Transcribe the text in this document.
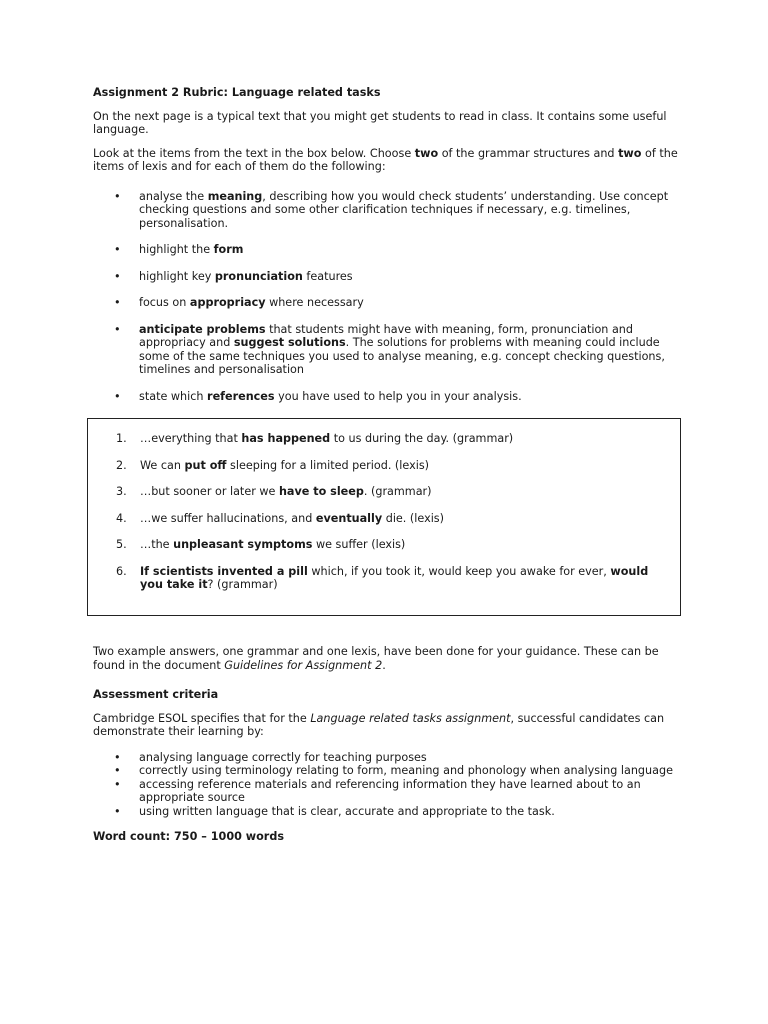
Assignment 2 Rubric: Language related tasks

On the next page is a typical text that you might get students to read in class. It contains some useful language.

Look at the items from the text in the box below. Choose two of the grammar structures and two of the items of lexis and for each of them do the following:

• analyse the meaning, describing how you would check students’ understanding. Use concept checking questions and some other clarification techniques if necessary, e.g. timelines, personalisation.
• highlight the form
• highlight key pronunciation features
• focus on appropriacy where necessary
• anticipate problems that students might have with meaning, form, pronunciation and appropriacy and suggest solutions. The solutions for problems with meaning could include some of the same techniques you used to analyse meaning, e.g. concept checking questions, timelines and personalisation
• state which references you have used to help you in your analysis.
1. …everything that has happened to us during the day. (grammar)
2. We can put off sleeping for a limited period. (lexis)
3. …but sooner or later we have to sleep. (grammar)
4. …we suffer hallucinations, and eventually die. (lexis)
5. …the unpleasant symptoms we suffer (lexis)
6. If scientists invented a pill which, if you took it, would keep you awake for ever, would you take it? (grammar)

Two example answers, one grammar and one lexis, have been done for your guidance. These can be found in the document Guidelines for Assignment 2.

Assessment criteria

Cambridge ESOL specifies that for the Language related tasks assignment, successful candidates can demonstrate their learning by:

• analysing language correctly for teaching purposes
• correctly using terminology relating to form, meaning and phonology when analysing language
• accessing reference materials and referencing information they have learned about to an appropriate source
• using written language that is clear, accurate and appropriate to the task.
Word count: 750 – 1000 words
